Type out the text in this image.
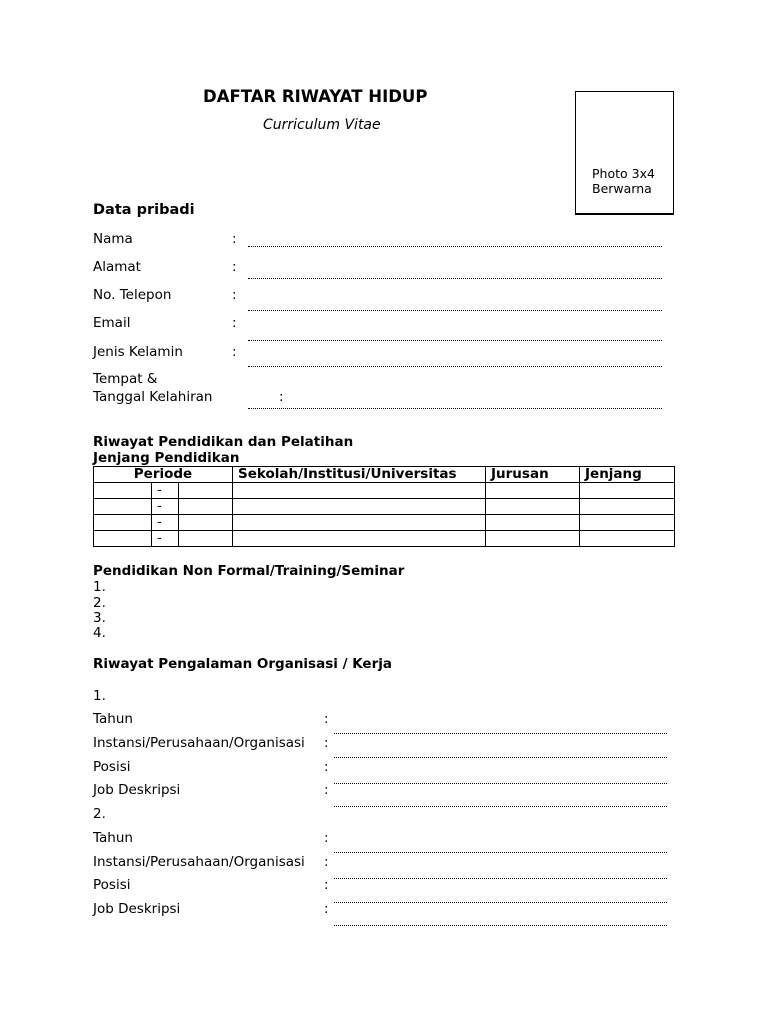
DAFTAR RIWAYAT HIDUP
Curriculum Vitae
Photo 3x4
Berwarna
Data pribadi
Nama	:
Alamat	:
No. Telepon	:
Email	:
Jenis Kelamin	:
Tempat &
Tanggal Kelahiran	:
Riwayat Pendidikan dan Pelatihan
Jenjang Pendidikan
Periode			Sekolah/Institusi/Universitas	Jurusan	Jenjang
	-				
	-				
	-				
	-				
Pendidikan Non Formal/Training/Seminar
1.
2.
3.
4.
Riwayat Pengalaman Organisasi / Kerja
1.
Tahun	:
Instansi/Perusahaan/Organisasi :
Posisi	:
Job Deskripsi	:
2.
Tahun	:
Instansi/Perusahaan/Organisasi :
Posisi	:
Job Deskripsi	:
